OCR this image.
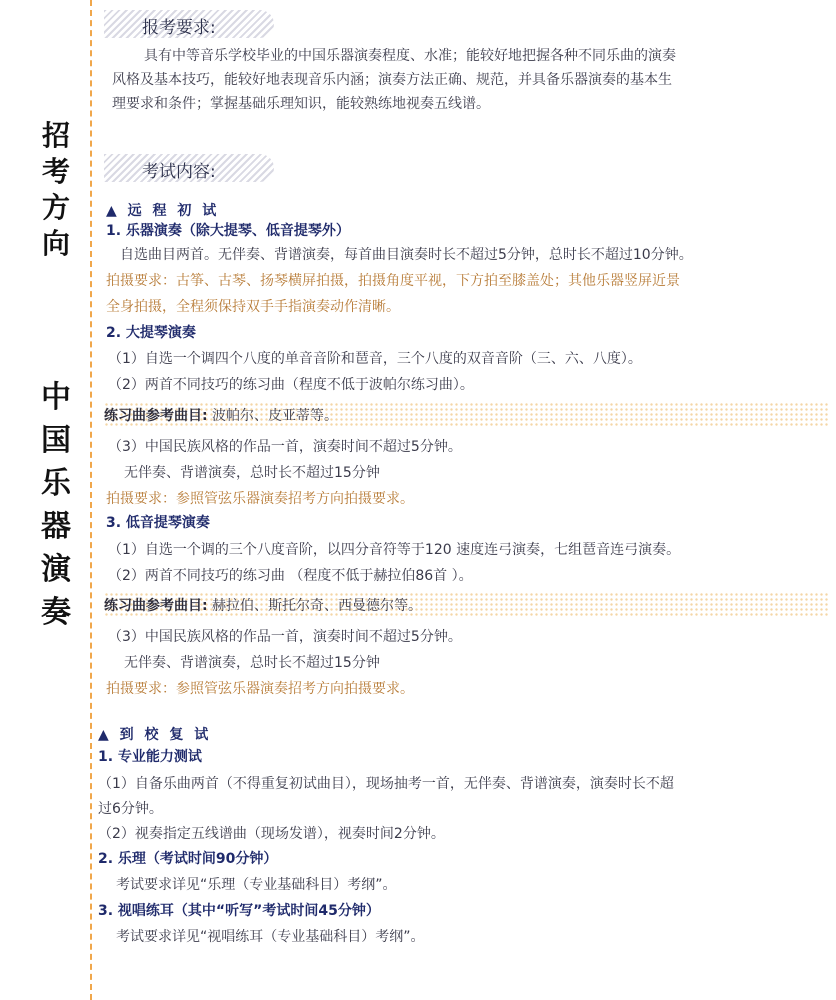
招
考
方
向
中
国
乐
器
演
奏
报考要求:
具有中等音乐学校毕业的中国乐器演奏程度、水准；能较好地把握各种不同乐曲的演奏
风格及基本技巧，能较好地表现音乐内涵；演奏方法正确、规范，并具备乐器演奏的基本生
理要求和条件；掌握基础乐理知识，能较熟练地视奏五线谱。
考试内容:
▲ 远 程 初 试
1. 乐器演奏（除大提琴、低音提琴外）
自选曲目两首。无伴奏、背谱演奏，每首曲目演奏时长不超过5分钟，总时长不超过10分钟。
拍摄要求：古筝、古琴、扬琴横屏拍摄，拍摄角度平视，下方拍至膝盖处；其他乐器竖屏近景
全身拍摄，全程须保持双手手指演奏动作清晰。
2. 大提琴演奏
（1）自选一个调四个八度的单音音阶和琶音，三个八度的双音音阶（三、六、八度）。
（2）两首不同技巧的练习曲（程度不低于波帕尔练习曲）。
练习曲参考曲目: 波帕尔、皮亚蒂等。
（3）中国民族风格的作品一首，演奏时间不超过5分钟。
无伴奏、背谱演奏，总时长不超过15分钟
拍摄要求：参照管弦乐器演奏招考方向拍摄要求。
3. 低音提琴演奏
（1）自选一个调的三个八度音阶，以四分音符等于120 速度连弓演奏，七组琶音连弓演奏。
（2）两首不同技巧的练习曲 （程度不低于赫拉伯86首 ）。
练习曲参考曲目: 赫拉伯、斯托尔奇、西曼德尔等。
（3）中国民族风格的作品一首，演奏时间不超过5分钟。
无伴奏、背谱演奏，总时长不超过15分钟
拍摄要求：参照管弦乐器演奏招考方向拍摄要求。
▲ 到 校 复 试
1. 专业能力测试
（1）自备乐曲两首（不得重复初试曲目），现场抽考一首，无伴奏、背谱演奏，演奏时长不超
过6分钟。
（2）视奏指定五线谱曲（现场发谱），视奏时间2分钟。
2. 乐理（考试时间90分钟）
考试要求详见“乐理（专业基础科目）考纲”。
3. 视唱练耳（其中“听写”考试时间45分钟）
考试要求详见“视唱练耳（专业基础科目）考纲”。
